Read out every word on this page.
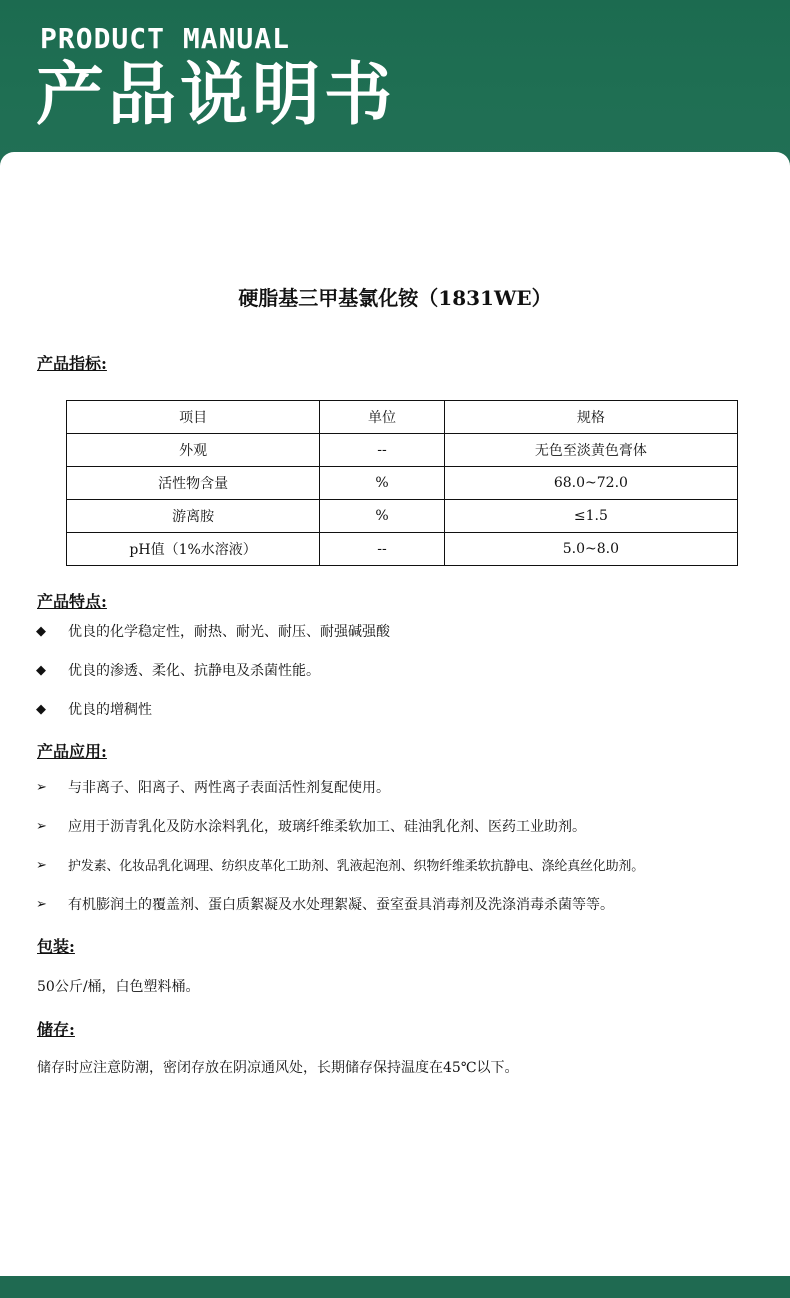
PRODUCT MANUAL
产品说明书
硬脂基三甲基氯化铵（1831WE）
产品指标:
项目	单位	规格
外观	--	无色至淡黄色膏体
活性物含量	%	68.0~72.0
游离胺	%	≤1.5
pH值（1%水溶液）	--	5.0~8.0
产品特点:
◆ 优良的化学稳定性，耐热、耐光、耐压、耐强碱强酸
◆ 优良的渗透、柔化、抗静电及杀菌性能。
◆ 优良的增稠性
产品应用:
➢ 与非离子、阳离子、两性离子表面活性剂复配使用。
➢ 应用于沥青乳化及防水涂料乳化，玻璃纤维柔软加工、硅油乳化剂、医药工业助剂。
➢ 护发素、化妆品乳化调理、纺织皮革化工助剂、乳液起泡剂、织物纤维柔软抗静电、涤纶真丝化助剂。
➢ 有机膨润土的覆盖剂、蛋白质絮凝及水处理絮凝、蚕室蚕具消毒剂及洗涤消毒杀菌等等。
包装:
50公斤/桶，白色塑料桶。
储存:
储存时应注意防潮，密闭存放在阴凉通风处，长期储存保持温度在45℃以下。
